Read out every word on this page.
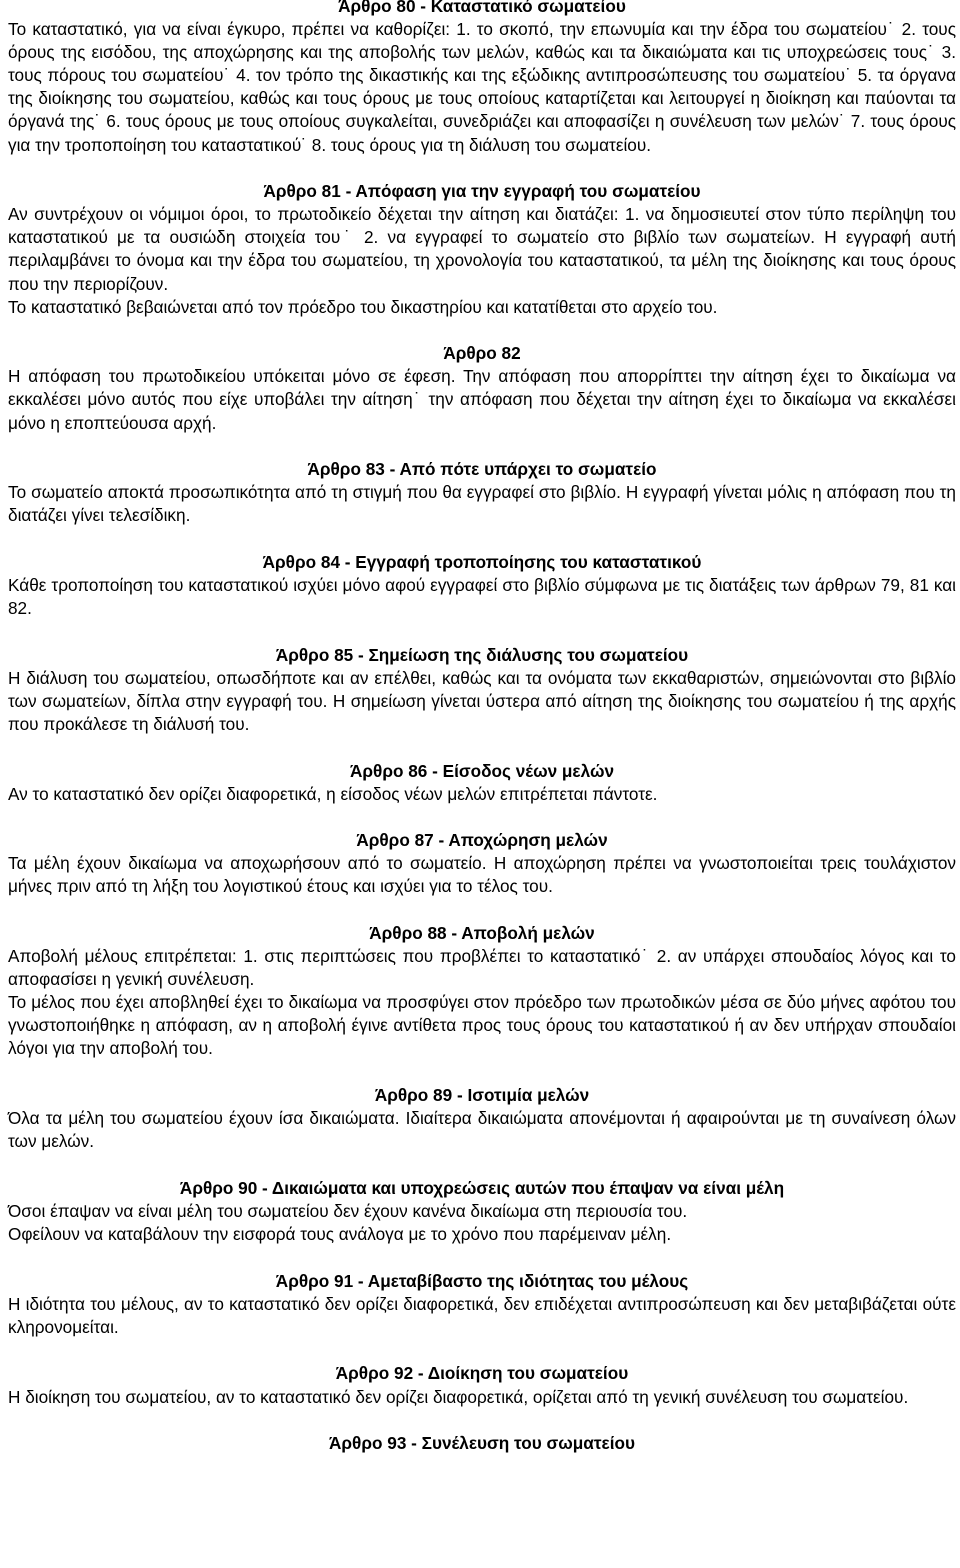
Άρθρο 80 - Καταστατικό σωματείου

Το καταστατικό, για να είναι έγκυρο, πρέπει να καθορίζει: 1. το σκοπό, την επωνυμία και την έδρα του σωματείου˙ 2. τους όρους της εισόδου, της αποχώρησης και της αποβολής των μελών, καθώς και τα δικαιώματα και τις υποχρεώσεις τους˙ 3. τους πόρους του σωματείου˙ 4. τον τρόπο της δικαστικής και της εξώδικης αντιπροσώπευσης του σωματείου˙ 5. τα όργανα της διοίκησης του σωματείου, καθώς και τους όρους με τους οποίους καταρτίζεται και λειτουργεί η διοίκηση και παύονται τα όργανά της˙ 6. τους όρους με τους οποίους συγκαλείται, συνεδριάζει και αποφασίζει η συνέλευση των μελών˙ 7. τους όρους για την τροποποίηση του καταστατικού˙ 8. τους όρους για τη διάλυση του σωματείου.

Άρθρο 81 - Απόφαση για την εγγραφή του σωματείου

Αν συντρέχουν οι νόμιμοι όροι, το πρωτοδικείο δέχεται την αίτηση και διατάζει: 1. να δημοσιευτεί στον τύπο περίληψη του καταστατικού με τα ουσιώδη στοιχεία του˙ 2. να εγγραφεί το σωματείο στο βιβλίο των σωματείων. Η εγγραφή αυτή περιλαμβάνει το όνομα και την έδρα του σωματείου, τη χρονολογία του καταστατικού, τα μέλη της διοίκησης και τους όρους που την περιορίζουν.

Το καταστατικό βεβαιώνεται από τον πρόεδρο του δικαστηρίου και κατατίθεται στο αρχείο του.

Άρθρο 82

Η απόφαση του πρωτοδικείου υπόκειται μόνο σε έφεση. Την απόφαση που απορρίπτει την αίτηση έχει το δικαίωμα να εκκαλέσει μόνο αυτός που είχε υποβάλει την αίτηση˙ την απόφαση που δέχεται την αίτηση έχει το δικαίωμα να εκκαλέσει μόνο η εποπτεύουσα αρχή.

Άρθρο 83 - Από πότε υπάρχει το σωματείο

Το σωματείο αποκτά προσωπικότητα από τη στιγμή που θα εγγραφεί στο βιβλίο. Η εγγραφή γίνεται μόλις η απόφαση που τη διατάζει γίνει τελεσίδικη.

Άρθρο 84 - Εγγραφή τροποποίησης του καταστατικού

Κάθε τροποποίηση του καταστατικού ισχύει μόνο αφού εγγραφεί στο βιβλίο σύμφωνα με τις διατάξεις των άρθρων 79, 81 και 82.

Άρθρο 85 - Σημείωση της διάλυσης του σωματείου

Η διάλυση του σωματείου, οπωσδήποτε και αν επέλθει, καθώς και τα ονόματα των εκκαθαριστών, σημειώνονται στο βιβλίο των σωματείων, δίπλα στην εγγραφή του. Η σημείωση γίνεται ύστερα από αίτηση της διοίκησης του σωματείου ή της αρχής που προκάλεσε τη διάλυσή του.

Άρθρο 86 - Είσοδος νέων μελών

Αν το καταστατικό δεν ορίζει διαφορετικά, η είσοδος νέων μελών επιτρέπεται πάντοτε.

Άρθρο 87 - Αποχώρηση μελών

Τα μέλη έχουν δικαίωμα να αποχωρήσουν από το σωματείο. Η αποχώρηση πρέπει να γνωστοποιείται τρεις τουλάχιστον μήνες πριν από τη λήξη του λογιστικού έτους και ισχύει για το τέλος του.

Άρθρο 88 - Αποβολή μελών

Αποβολή μέλους επιτρέπεται: 1. στις περιπτώσεις που προβλέπει το καταστατικό˙ 2. αν υπάρχει σπουδαίος λόγος και το αποφασίσει η γενική συνέλευση.

Το μέλος που έχει αποβληθεί έχει το δικαίωμα να προσφύγει στον πρόεδρο των πρωτοδικών μέσα σε δύο μήνες αφότου του γνωστοποιήθηκε η απόφαση, αν η αποβολή έγινε αντίθετα προς τους όρους του καταστατικού ή αν δεν υπήρχαν σπουδαίοι λόγοι για την αποβολή του.

Άρθρο 89 - Ισοτιμία μελών

Όλα τα μέλη του σωματείου έχουν ίσα δικαιώματα. Ιδιαίτερα δικαιώματα απονέμονται ή αφαιρούνται με τη συναίνεση όλων των μελών.

Άρθρο 90 - Δικαιώματα και υποχρεώσεις αυτών που έπαψαν να είναι μέλη

Όσοι έπαψαν να είναι μέλη του σωματείου δεν έχουν κανένα δικαίωμα στη περιουσία του.

Οφείλουν να καταβάλουν την εισφορά τους ανάλογα με το χρόνο που παρέμειναν μέλη.

Άρθρο 91 - Αμεταβίβαστο της ιδιότητας του μέλους

Η ιδιότητα του μέλους, αν το καταστατικό δεν ορίζει διαφορετικά, δεν επιδέχεται αντιπροσώπευση και δεν μεταβιβάζεται ούτε κληρονομείται.

Άρθρο 92 - Διοίκηση του σωματείου

Η διοίκηση του σωματείου, αν το καταστατικό δεν ορίζει διαφορετικά, ορίζεται από τη γενική συνέλευση του σωματείου.

Άρθρο 93 - Συνέλευση του σωματείου
